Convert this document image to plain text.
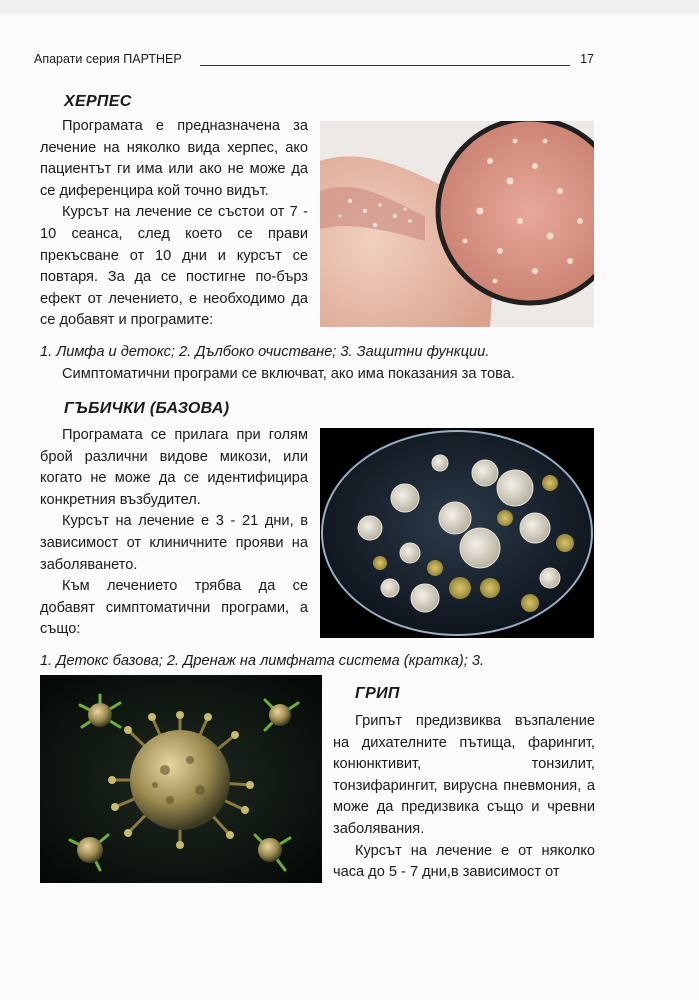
Апарати серия ПАРТНЕР	17
ХЕРПЕС

Програмата е предназначена за лечение на няколко вида херпес, ако пациентът ги има или ако не може да се диференцира кой точно видът.

Курсът на лечение се състои от 7 - 10 сеанса, след което се прави прекъсване от 10 дни и курсът се повтаря. За да се постигне по-бърз ефект от лечението, е необходимо да се добавят и програмите:

1. Лимфа и детокс; 2. Дълбоко очистване; 3. Защитни функции.

Симптоматични програми се включват, ако има показания за това.

ГЪБИЧКИ (БАЗОВА)

Програмата се прилага при голям брой различни видове микози, или когато не може да се идентифицира конкретния възбудител.

Курсът на лечение е 3 - 21 дни, в зависимост от клиничните прояви на заболяването.

Към лечението трябва да се добавят симптоматични програми, а също:

1. Детокс базова; 2. Дренаж на лимфната система (кратка); 3.
ГРИП

Грипът предизвиква възпаление на дихателните пътища, фарингит, конюнктивит, тонзилит, тонзифарингит, вирусна пневмония, а може да предизвика също и чревни заболявания.

Курсът на лечение е от няколко часа до 5 - 7 дни,в зависимост от
